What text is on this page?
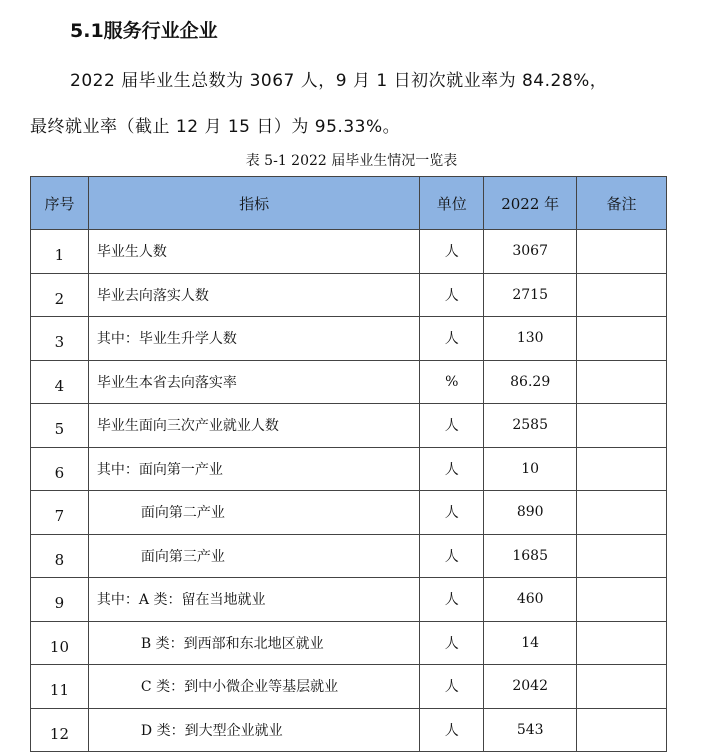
5.1服务行业企业
2022 届毕业生总数为 3067 人，9 月 1 日初次就业率为 84.28%，
最终就业率（截止 12 月 15 日）为 95.33%。
表 5-1 2022 届毕业生情况一览表
序号	指标	单位	2022 年	备注
1	毕业生人数	人	3067	
2	毕业去向落实人数	人	2715	
3	其中：毕业生升学人数	人	130	
4	毕业生本省去向落实率	%	86.29	
5	毕业生面向三次产业就业人数	人	2585	
6	其中：面向第一产业	人	10	
7	面向第二产业	人	890	
8	面向第三产业	人	1685	
9	其中：A 类：留在当地就业	人	460	
10	B 类：到西部和东北地区就业	人	14	
11	C 类：到中小微企业等基层就业	人	2042	
12	D 类：到大型企业就业	人	543	
